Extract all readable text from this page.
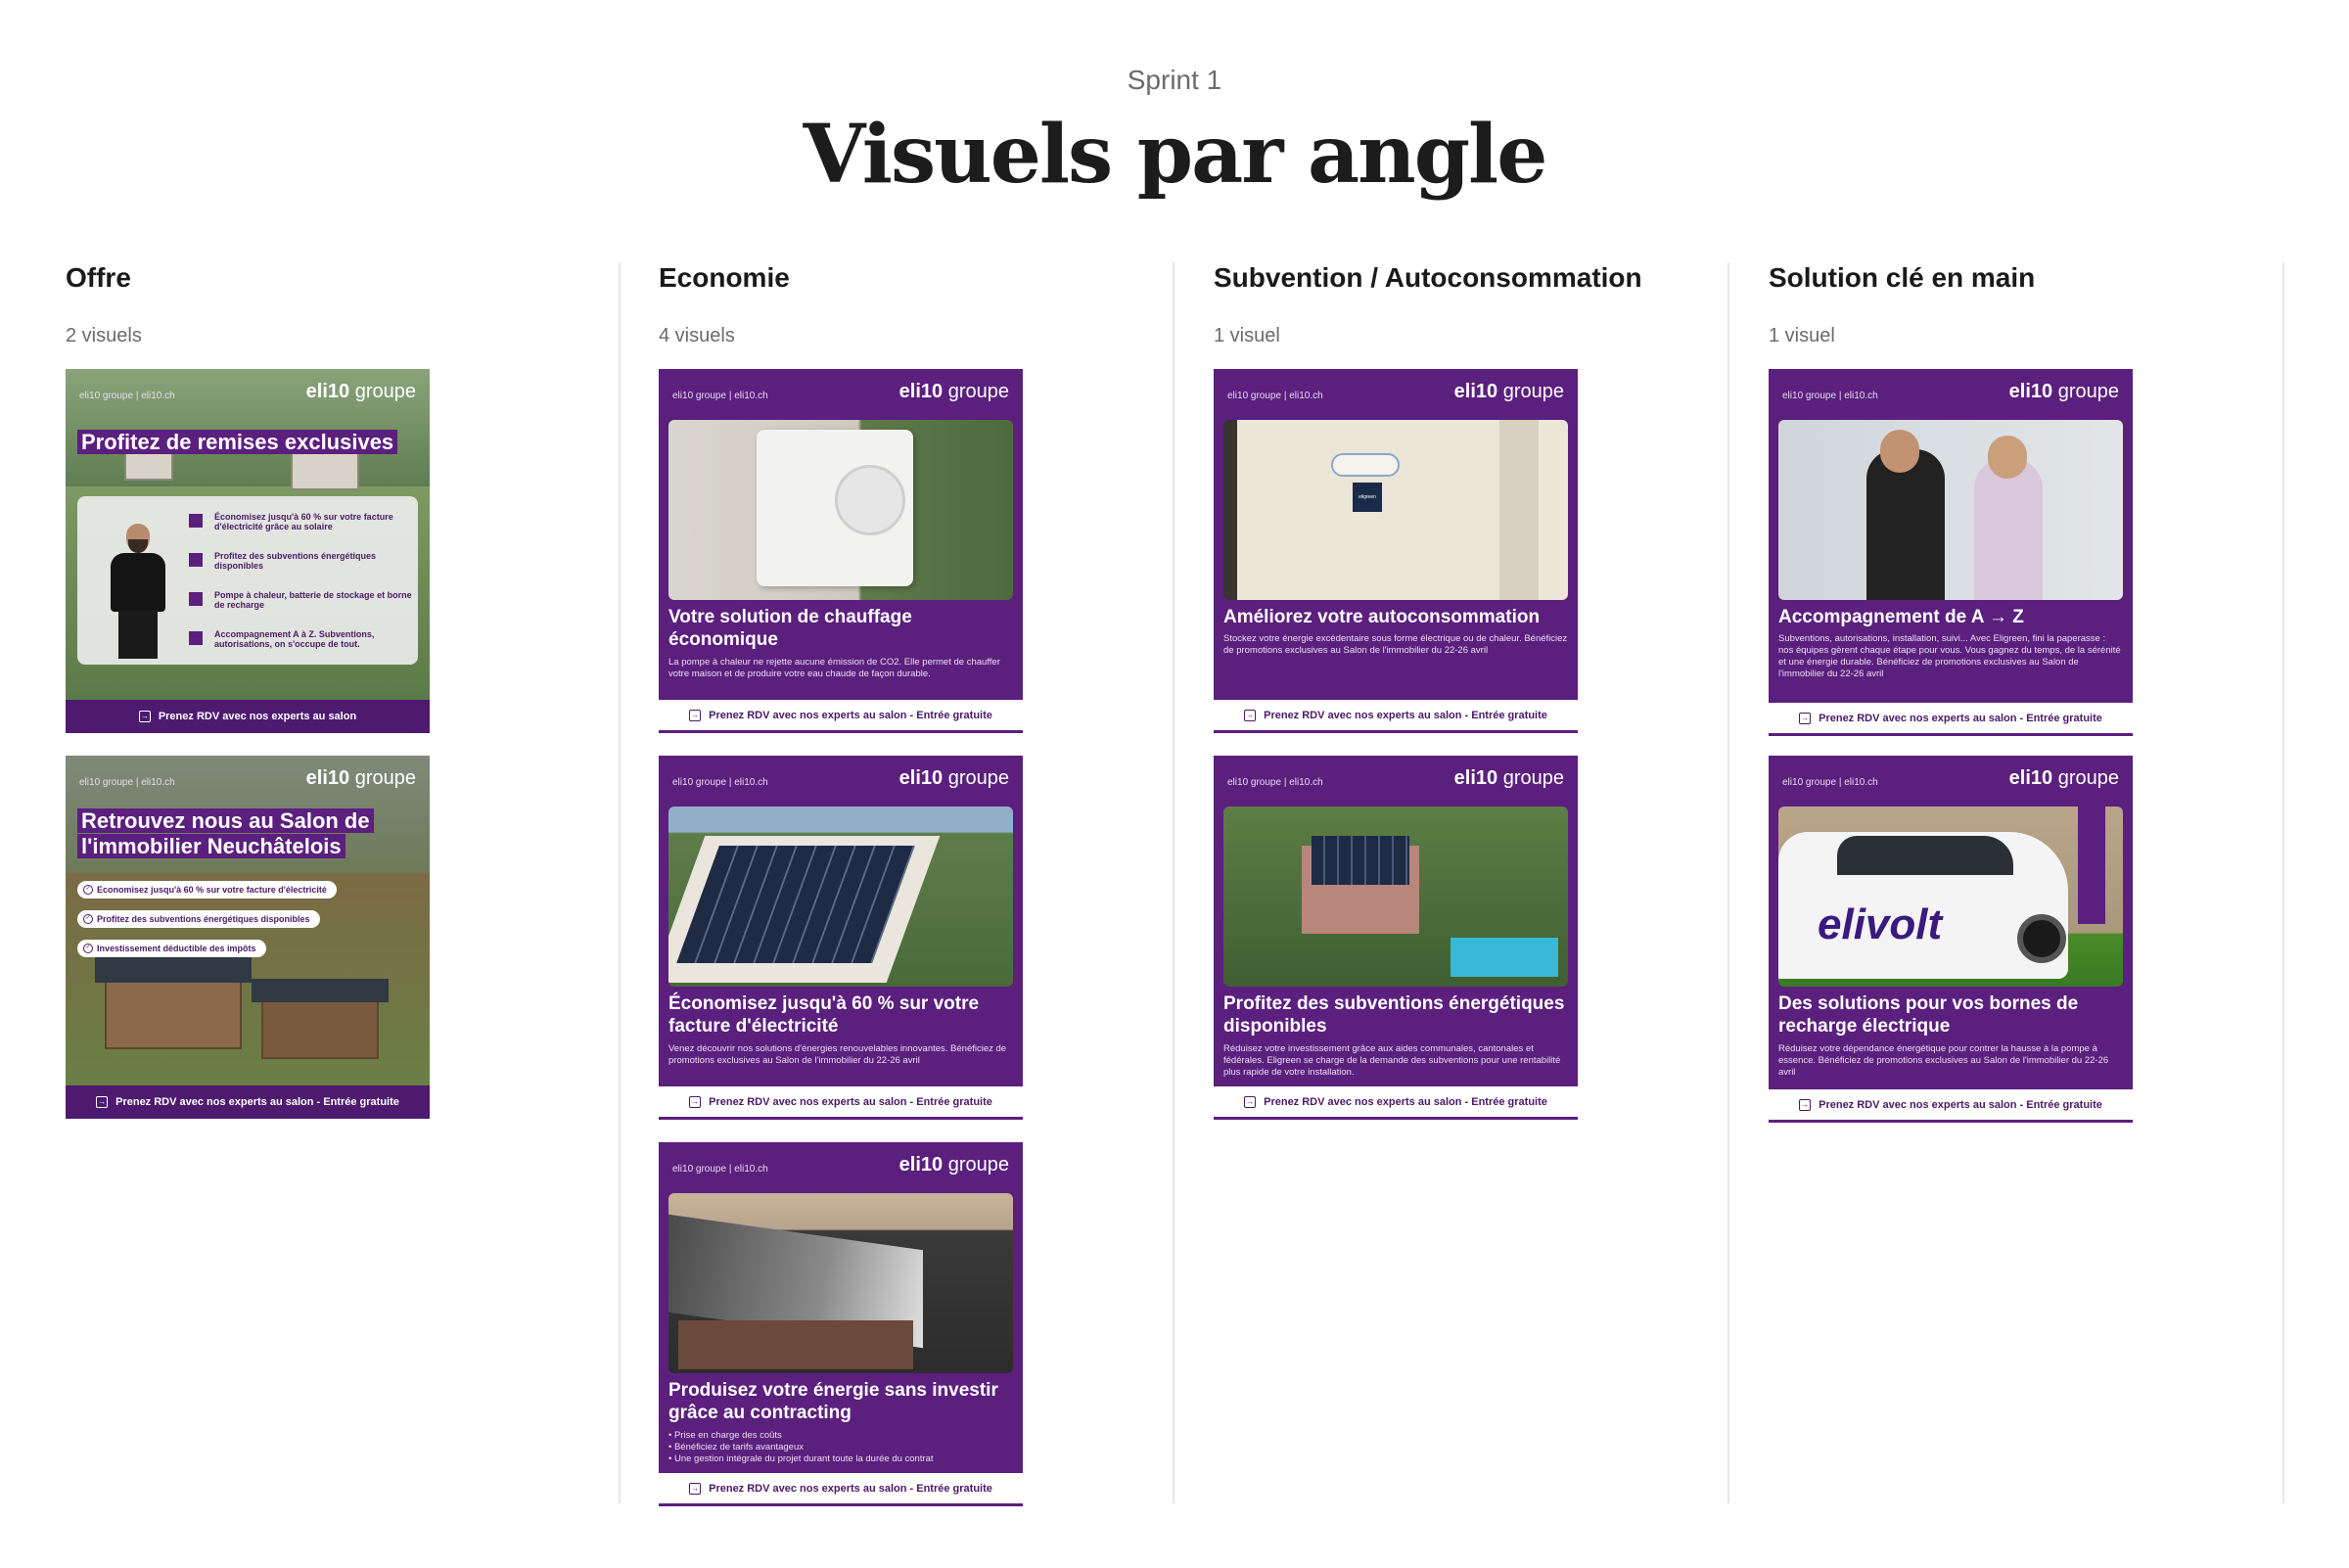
Sprint 1
Visuels par angle
Offre
2 visuels
Economie
4 visuels
Subvention / Autoconsommation
1 visuel
Solution clé en main
1 visuel
eli10 groupe | eli10.ch	eli10 groupe
Profitez de remises exclusives
Économisez jusqu'à 60 % sur votre facture d'électricité grâce au solaire
Profitez des subventions énergétiques disponibles
Pompe à chaleur, batterie de stockage et borne de recharge
Accompagnement A à Z. Subventions, autorisations, on s'occupe de tout.
→ Prenez RDV avec nos experts au salon
eli10 groupe | eli10.ch	eli10 groupe
Retrouvez nous au Salon de
l'immobilier Neuchâtelois
✓ Economisez jusqu'à 60 % sur votre facture d'électricité
✓ Profitez des subventions énergétiques disponibles
✓ Investissement déductible des impôts
→ Prenez RDV avec nos experts au salon - Entrée gratuite
eli10 groupe | eli10.ch	eli10 groupe
Votre solution de chauffage économique
La pompe à chaleur ne rejette aucune émission de CO2. Elle permet de chauffer votre maison et de produire votre eau chaude de façon durable.
→ Prenez RDV avec nos experts au salon - Entrée gratuite
eli10 groupe | eli10.ch	eli10 groupe
Économisez jusqu'à 60 % sur votre facture d'électricité
Venez découvrir nos solutions d'énergies renouvelables innovantes. Bénéficiez de promotions exclusives au Salon de l'immobilier du 22-26 avril
→ Prenez RDV avec nos experts au salon - Entrée gratuite
eli10 groupe | eli10.ch	eli10 groupe
Produisez votre énergie sans investir grâce au contracting
• Prise en charge des coûts
• Bénéficiez de tarifs avantageux
• Une gestion intégrale du projet durant toute la durée du contrat
→ Prenez RDV avec nos experts au salon - Entrée gratuite
eli10 groupe | eli10.ch	eli10 groupe
eligreen
Améliorez votre autoconsommation
Stockez votre énergie excédentaire sous forme électrique ou de chaleur. Bénéficiez de promotions exclusives au Salon de l'immobilier du 22-26 avril
→ Prenez RDV avec nos experts au salon - Entrée gratuite
eli10 groupe | eli10.ch	eli10 groupe
Profitez des subventions énergétiques disponibles
Réduisez votre investissement grâce aux aides communales, cantonales et fédérales. Eligreen se charge de la demande des subventions pour une rentabilité plus rapide de votre installation.
→ Prenez RDV avec nos experts au salon - Entrée gratuite
eli10 groupe | eli10.ch	eli10 groupe
Accompagnement de A → Z
Subventions, autorisations, installation, suivi... Avec Eligreen, fini la paperasse : nos équipes gèrent chaque étape pour vous. Vous gagnez du temps, de la sérénité et une énergie durable. Bénéficiez de promotions exclusives au Salon de l'immobilier du 22-26 avril
→ Prenez RDV avec nos experts au salon - Entrée gratuite
eli10 groupe | eli10.ch	eli10 groupe
elivolt
Des solutions pour vos bornes de recharge électrique
Réduisez votre dépendance énergétique pour contrer la hausse à la pompe à essence. Bénéficiez de promotions exclusives au Salon de l'immobilier du 22-26 avril
→ Prenez RDV avec nos experts au salon - Entrée gratuite
